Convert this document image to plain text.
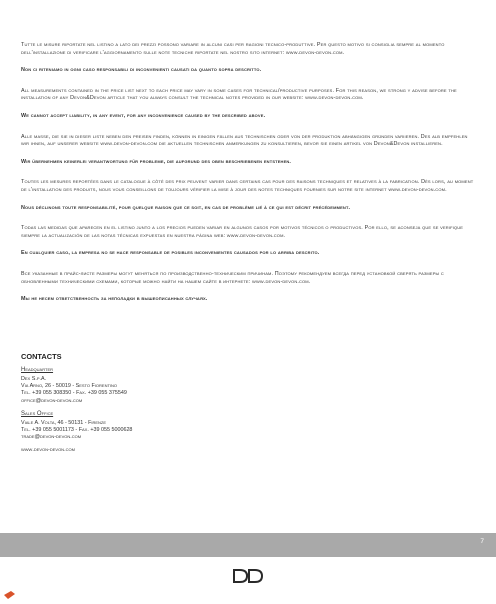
Tutte le misure riportate nel listino a lato dei prezzi possono variare in alcuni casi per ragioni tecnico-produttive. Per questo motivo si consiglia sempre al momento dell'installazione di verificare l'aggiornamento sulle note tecniche riportate nel nostro sito internet: www.devon-devon.com.

Non ci riteniamo in ogni caso responsabili di inconvenienti causati da quanto sopra descritto.

All measurements contained in the price list next to each price may vary in some cases for technical/productive purposes. For this reason, we strong y advise before the installation of any Devon&Devon article that you always consult the technical notes provided in our website: www.devon-devon.com.

We cannot accept liability, in any event, for any inconvenience caused by the described above.

Alle masse, die sie in dieser liste neben den preisen finden, können in einigen fällen aus technischen oder von der produktion abhängigen gründen variieren. Des alb empfehlen wir ihnen, auf unserer website www.devon-devon.com die aktuellen technischen anmerkungen zu konsultieren, bevor sie einen artikel von Devon&Devon installieren.

Wir übernehmen keinerlei verantwortung für probleme, die aufgrund des oben beschriebenen entstehen.

Toutes les mesures reportées dans le catalogue à côté des prix peuvent varier dans certains cas pour des raisons techniques et relatives à la fabrication. Dès lors, au moment de l'installation des produits, nous vous conseillons de toujours vérifier la mise à jour des notes techniques fournies sur notre site internet www.devon-devon.com.

Nous déclinons toute responsabilité, pour quelque raison que ce soit, en cas de problème lié à ce qui est décrit précédemment.

Todas las medidas que aparecen en el listino junto a los precios pueden variar en algunos casos por motivos técnicos o productivos. Por ello, se aconseja que se verifique siempre la actualización de las notas técnicas expuestas en nuestra página web: www.devon-devon.com.

En cualquier caso, la empresa no se hace responsable de posibles inconvenientes causados por lo arriba descrito.

Все указанные в прайс-листе размеры могут меняться по производственно-техническим причинам. Поэтому рекомендуем всегда перед установкой сверять размеры с обновленными техническими схемами, которые можно найти на нашем сайте в интернете: www.devon-devon.com.

Мы не несем ответственность за неполадки в вышеописанных случаях.

CONTACTS
Headquarter
Dex S.p.A.
Via Arno, 26 - 50019 - Sesto Fiorentino
Tel. +39 055 308350 - Fax. +39 055 375549
office@devon-devon.com
Sales Office
Viale A. Volta, 46 - 50131 - Firenze
Tel. +39 055 5001173 - Fax. +39 055 5000628
trade@devon-devon.com
www.devon-devon.com
7
